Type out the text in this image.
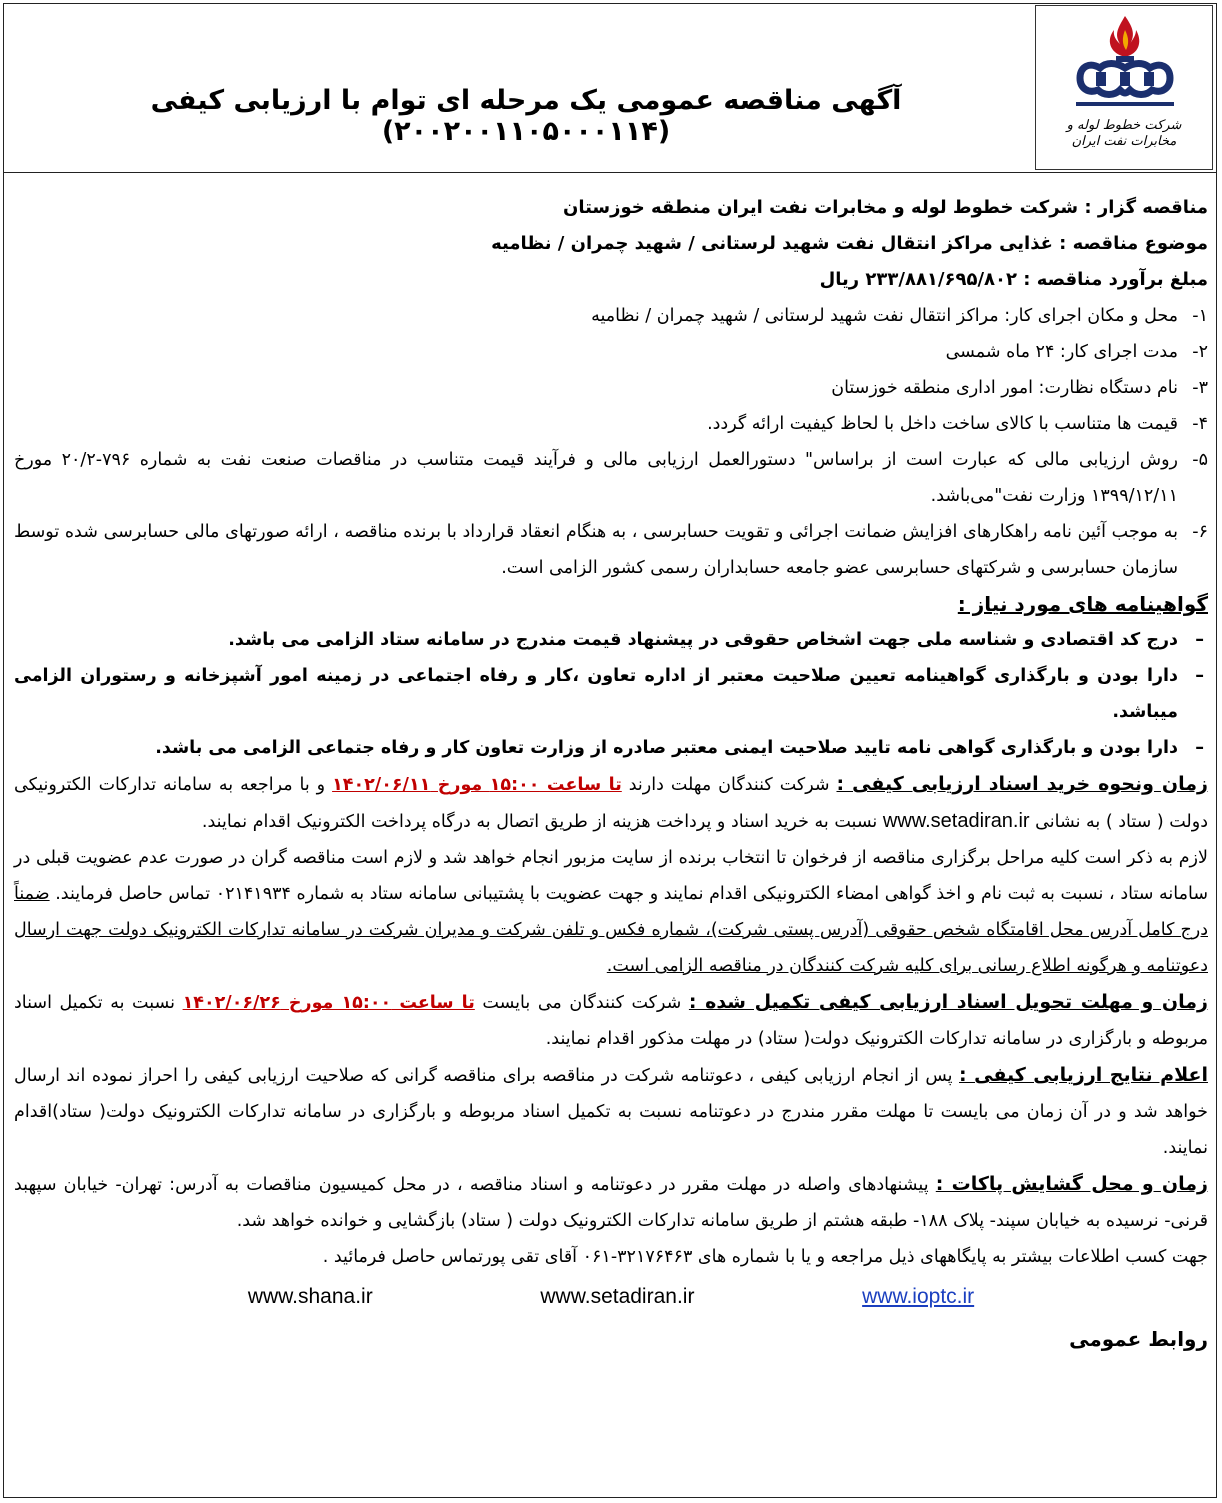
شرکت خطوط لوله و مخابرات نفت ایران
آگهی مناقصه عمومی یک مرحله ای توام با ارزیابی کیفی (۲۰۰۲۰۰۱۱۰۵۰۰۰۱۱۴)

مناقصه گزار : شرکت خطوط لوله و مخابرات نفت ایران منطقه خوزستان

موضوع مناقصه : غذایی مراکز انتقال نفت شهید لرستانی / شهید چمران / نظامیه

مبلغ برآورد مناقصه : ۲۳۳/۸۸۱/۶۹۵/۸۰۲ ریال

۱-
محل و مکان اجرای کار: مراکز انتقال نفت شهید لرستانی / شهید چمران / نظامیه
۲-
مدت اجرای کار: ۲۴ ماه شمسی
۳-
نام دستگاه نظارت: امور اداری منطقه خوزستان
۴-
قیمت ها متناسب با کالای ساخت داخل با لحاظ کیفیت ارائه گردد.
۵-
روش ارزیابی مالی که عبارت است از براساس" دستورالعمل ارزیابی مالی و فرآیند قیمت متناسب در مناقصات صنعت نفت به شماره ۷۹۶-۲۰/۲ مورخ ۱۳۹۹/۱۲/۱۱ وزارت نفت"می‌باشد.
۶-
به موجب آئین نامه راهکارهای افزایش ضمانت اجرائی و تقویت حسابرسی ، به هنگام انعقاد قرارداد با برنده مناقصه ، ارائه صورتهای مالی حسابرسی شده توسط سازمان حسابرسی و شرکتهای حسابرسی عضو جامعه حسابداران رسمی کشور الزامی است.

گواهینامه های مورد نیاز :

– درج کد اقتصادی و شناسه ملی جهت اشخاص حقوقی در پیشنهاد قیمت مندرج در سامانه ستاد الزامی می باشد.
– دارا بودن و بارگذاری گواهینامه تعیین صلاحیت معتبر از اداره تعاون ،کار و رفاه اجتماعی در زمینه امور آشپزخانه و رستوران الزامی میباشد.
– دارا بودن و بارگذاری گواهی نامه تایید صلاحیت ایمنی معتبر صادره از وزارت تعاون کار و رفاه جتماعی الزامی می باشد.

زمان ونحوه خرید اسناد ارزیابی کیفی : شرکت کنندگان مهلت دارند تا ساعت ۱۵:۰۰ مورخ ۱۴۰۲/۰۶/۱۱ و با مراجعه به سامانه تدارکات الکترونیکی دولت ( ستاد ) به نشانی www.setadiran.ir نسبت به خرید اسناد و پرداخت هزینه از طریق اتصال به درگاه پرداخت الکترونیک اقدام نمایند.

لازم به ذکر است کلیه مراحل برگزاری مناقصه از فرخوان تا انتخاب برنده از سایت مزبور انجام خواهد شد و لازم است مناقصه گران در صورت عدم عضویت قبلی در سامانه ستاد ، نسبت به ثبت نام و اخذ گواهی امضاء الکترونیکی اقدام نمایند و جهت عضویت با پشتیبانی سامانه ستاد به شماره ۰۲۱۴۱۹۳۴ تماس حاصل فرمایند. ضمناً درج کامل آدرس محل اقامتگاه شخص حقوقی (آدرس پستی شرکت)، شماره فکس و تلفن شرکت و مدیران شرکت در سامانه تدارکات الکترونیک دولت جهت ارسال دعوتنامه و هرگونه اطلاع رسانی برای کلیه شرکت کنندگان در مناقصه الزامی است.

زمان و مهلت تحویل اسناد ارزیابی کیفی تکمیل شده : شرکت کنندگان می بایست تا ساعت ۱۵:۰۰ مورخ ۱۴۰۲/۰۶/۲۶ نسبت به تکمیل اسناد مربوطه و بارگزاری در سامانه تدارکات الکترونیک دولت( ستاد) در مهلت مذکور اقدام نمایند.

اعلام نتایج ارزیابی کیفی : پس از انجام ارزیابی کیفی ، دعوتنامه شرکت در مناقصه برای مناقصه گرانی که صلاحیت ارزیابی کیفی را احراز نموده اند ارسال خواهد شد و در آن زمان می بایست تا مهلت مقرر مندرج در دعوتنامه نسبت به تکمیل اسناد مربوطه و بارگزاری در سامانه تدارکات الکترونیک دولت( ستاد)اقدام نمایند.

زمان و محل گشایش پاکات : پیشنهادهای واصله در مهلت مقرر در دعوتنامه و اسناد مناقصه ، در محل کمیسیون مناقصات به آدرس: تهران- خیابان سپهبد قرنی- نرسیده به خیابان سپند- پلاک ۱۸۸- طبقه هشتم از طریق سامانه تدارکات الکترونیک دولت ( ستاد) بازگشایی و خوانده خواهد شد.

جهت کسب اطلاعات بیشتر به پایگاههای ذیل مراجعه و یا با شماره های ۳۲۱۷۶۴۶۳-۰۶۱ آقای تقی پورتماس حاصل فرمائید .

www.shana.ir	www.setadiran.ir	www.ioptc.ir
روابط عمومی
